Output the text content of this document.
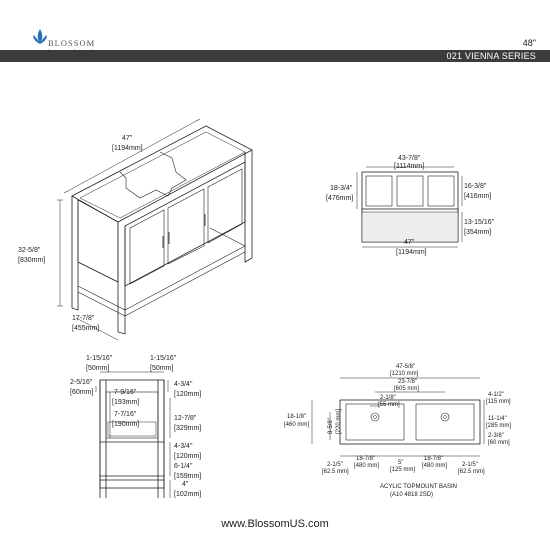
BLOSSOM	48"
021 VIENNA SERIES
47"
[1194mm]
32-5/8"
[830mm]
17-7/8"
[455mm]
43-7/8"
[1114mm]
18-3/4"
[476mm]
16-3/8"
[416mm]
13-15/16"
[354mm]
47"
[1194mm]
1-15/16"
[50mm]
1-15/16"
[50mm]
2-5/16"
[60mm]
4-3/4"
[120mm]
7-9/16"
[193mm]
7-7/16"
[190mm]
12-7/8"
[329mm]
4-3/4"
[120mm]
6-1/4"
[159mm]
4"
[102mm]
47-5/8"
[1210 mm]
23-7/8"
[605 mm]
2-1/8"
[55 mm]
18-1/8"
[460 mm]	8-5/8" [220 mm]
4-1/2"
[115 mm]
11-1/4"
[285 mm]
2-3/8"
[60 mm]
2-1/5"
[62.5 mm]
18-7/8"
[480 mm]	5"
[125 mm]
18-7/8"
[480 mm] 2-1/5"
[62.5 mm]
ACYLIC TOPMOUNT BASIN
(A10 4818 2SD)
www.BlossomUS.com
